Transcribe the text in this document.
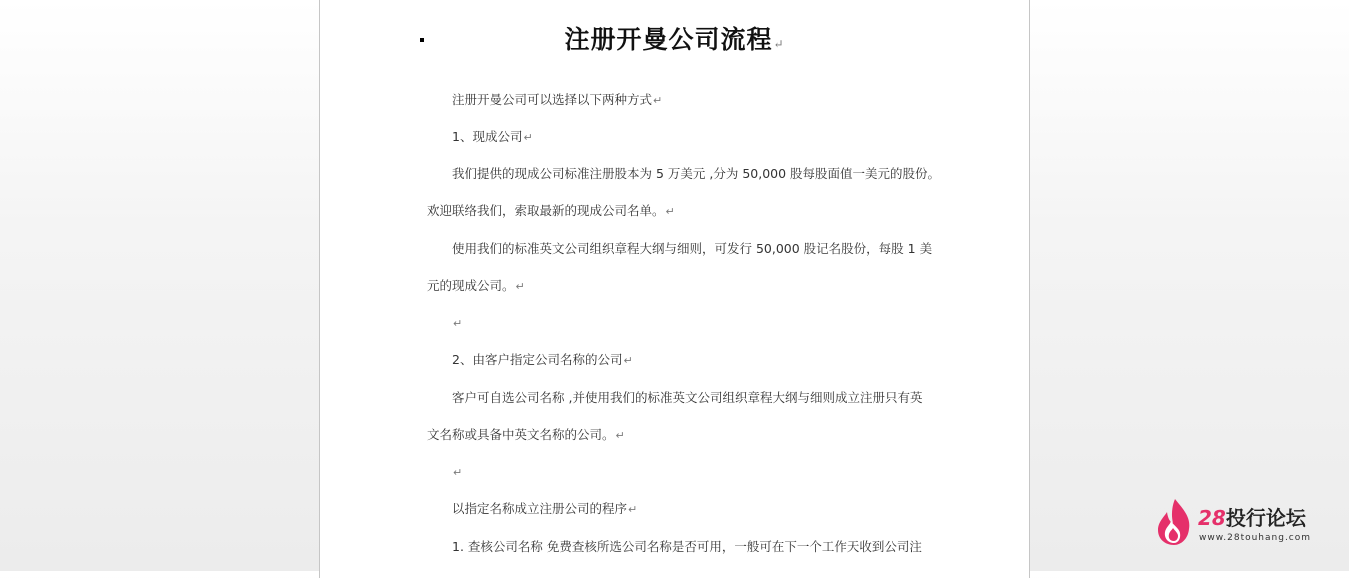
注册开曼公司流程↵
注册开曼公司可以选择以下两种方式↵
1、现成公司↵
我们提供的现成公司标准注册股本为 5 万美元 ,分为 50,000 股每股面值一美元的股份。
欢迎联络我们，索取最新的现成公司名单。↵
使用我们的标准英文公司组织章程大纲与细则，可发行 50,000 股记名股份，每股 1 美
元的现成公司。↵
↵
2、由客户指定公司名称的公司↵
客户可自选公司名称 ,并使用我们的标准英文公司组织章程大纲与细则成立注册只有英
文名称或具备中英文名称的公司。↵
↵
以指定名称成立注册公司的程序↵
1. 查核公司名称 免费查核所选公司名称是否可用，一般可在下一个工作天收到公司注
28投行论坛
www.28touhang.com
